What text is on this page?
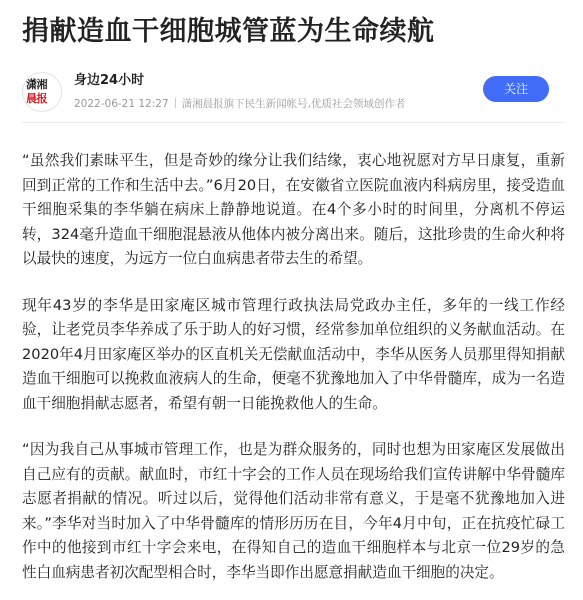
捐献造血干细胞城管蓝为生命续航
潇湘
晨报
身边24小时
2022-06-21 12:27 潇湘晨报旗下民生新闻帐号,优质社会领域创作者
关注

“虽然我们素昧平生，但是奇妙的缘分让我们结缘，衷心地祝愿对方早日康复，重新回到正常的工作和生活中去。”6月20日，在安徽省立医院血液内科病房里，接受造血干细胞采集的李华躺在病床上静静地说道。在4个多小时的时间里，分离机不停运转，324毫升造血干细胞混悬液从他体内被分离出来。随后，这批珍贵的生命火种将以最快的速度，为远方一位白血病患者带去生的希望。

现年43岁的李华是田家庵区城市管理行政执法局党政办主任，多年的一线工作经验，让老党员李华养成了乐于助人的好习惯，经常参加单位组织的义务献血活动。在2020年4月田家庵区举办的区直机关无偿献血活动中，李华从医务人员那里得知捐献造血干细胞可以挽救血液病人的生命，便毫不犹豫地加入了中华骨髓库，成为一名造血干细胞捐献志愿者，希望有朝一日能挽救他人的生命。

“因为我自己从事城市管理工作，也是为群众服务的，同时也想为田家庵区发展做出自己应有的贡献。献血时，市红十字会的工作人员在现场给我们宣传讲解中华骨髓库志愿者捐献的情况。听过以后，觉得他们活动非常有意义，于是毫不犹豫地加入进来。”李华对当时加入了中华骨髓库的情形历历在目，今年4月中旬，正在抗疫忙碌工作中的他接到市红十字会来电，在得知自己的造血干细胞样本与北京一位29岁的急性白血病患者初次配型相合时，李华当即作出愿意捐献造血干细胞的决定。
